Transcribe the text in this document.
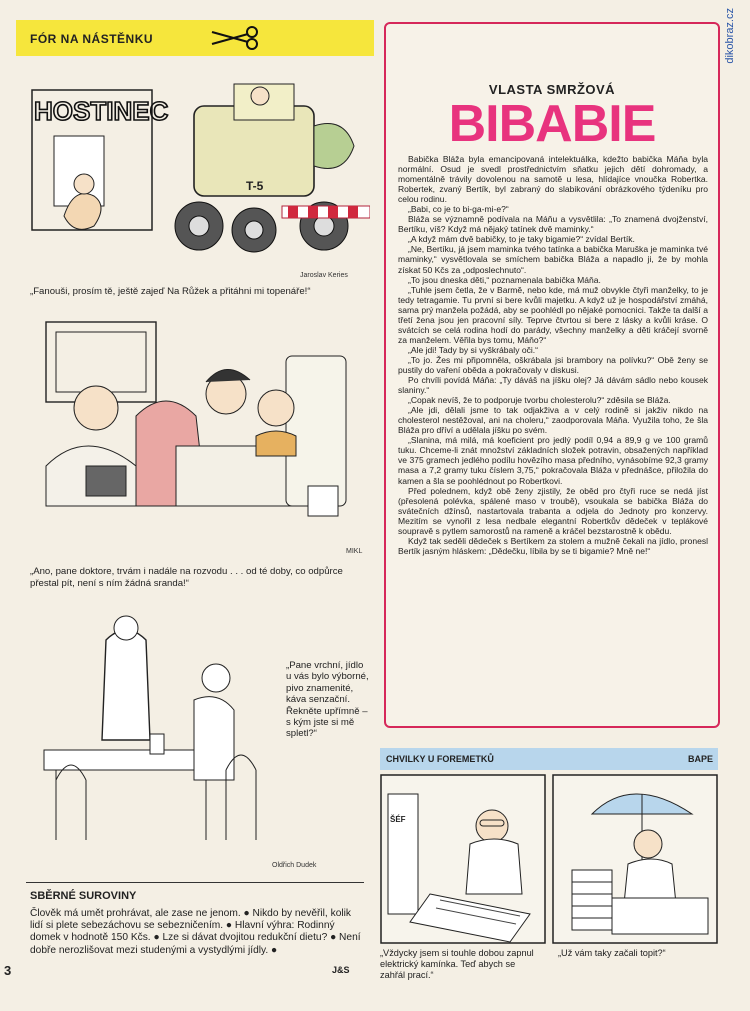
dikobraz.cz
FÓR NA NÁSTĚNKU
HOSTINEC
T-5
Jaroslav Keries
„Fanouši, prosím tě, ještě zajeď Na Růžek a přitáhni mi topenáře!“
MIKL
„Ano, pane doktore, trvám i nadále na rozvodu . . . od té doby, co odpůrce přestal pít, není s ním žádná sranda!“
„Pane vrchní, jídlo u vás bylo výborné, pivo znamenité, káva senzační. Řekněte upřímně – s kým jste si mě spletl?“
Oldřich Dudek
SBĚRNÉ SUROVINY
Člověk má umět prohrávat, ale zase ne jenom. ● Nikdo by nevěřil, kolik lidí si plete sebezáchovu se sebezničením. ● Hlavní výhra: Rodinný domek v hodnotě 150 Kčs. ● Lze si dávat dvojitou redukční dietu? ● Není dobře nerozlišovat mezi studenými a vystydlými jídly. ●
3	J&S
VLASTA SMRŽOVÁ
BIBABIE

Babička Bláža byla emancipovaná intelektuálka, kdežto babička Máňa byla normální. Osud je svedl prostřednictvím sňatku jejich dětí dohromady, a momentálně trávily dovolenou na samotě u lesa, hlídajíce vnoučka Robertka. Robertek, zvaný Bertík, byl zabraný do slabikování obrázkového týdeníku pro celou rodinu.

„Babi, co je to bi-ga-mi-e?“

Bláža se významně podívala na Máňu a vysvětlila: „To znamená dvojženství, Bertíku, víš? Když má nějaký tatínek dvě maminky.“

„A když mám dvě babičky, to je taky bigamie?“ zvídal Bertík.

„Ne, Bertíku, já jsem maminka tvého tatínka a babička Maruška je maminka tvé maminky,“ vysvětlovala se smíchem babička Bláža a napadlo ji, že by mohla získat 50 Kčs za „odposlechnuto“.

„To jsou dneska děti,“ poznamenala babička Máňa.

„Tuhle jsem četla, že v Barmě, nebo kde, má muž obvykle čtyři manželky, to je tedy tetragamie. Tu první si bere kvůli majetku. A když už je hospodářství zmáhá, sama prý manžela požádá, aby se poohlédl po nějaké pomocnici. Takže ta další a třetí žena jsou jen pracovní síly. Teprve čtvrtou si bere z lásky a kvůli kráse. O svátcích se celá rodina hodí do parády, všechny manželky a děti kráčejí svorně za manželem. Věřila bys tomu, Máňo?“

„Ale jdi! Tady by si vyškrábaly oči.“

„To jo. Žes mi připomněla, oškrábala jsi brambory na polívku?“ Obě ženy se pustily do vaření oběda a pokračovaly v diskusi.

Po chvíli povídá Máňa: „Ty dáváš na jíšku olej? Já dávám sádlo nebo kousek slaniny.“

„Copak nevíš, že to podporuje tvorbu cholesterolu?“ zděsila se Bláža.

„Ale jdi, dělali jsme to tak odjakživa a v celý rodině si jakživ nikdo na cholesterol nestěžoval, ani na choleru,“ zaodporovala Máňa. Využila toho, že šla Bláža pro dříví a udělala jíšku po svém.

„Slanina, má milá, má koeficient pro jedlý podíl 0,94 a 89,9 g ve 100 gramů tuku. Chceme-li znát množství základních složek potravin, obsažených například ve 375 gramech jedlého podílu hovězího masa předního, vynásobíme 92,3 gramy masa a 7,2 gramy tuku číslem 3,75,“ pokračovala Bláža v přednášce, přiložila do kamen a šla se poohlédnout po Robertkovi.

Před polednem, když obě ženy zjistily, že oběd pro čtyři ruce se nedá jíst (přesolená polévka, spálené maso v troubě), vsoukala se babička Bláža do svátečních džínsů, nastartovala trabanta a odjela do Jednoty pro konzervy. Mezitím se vynořil z lesa nedbale elegantní Robertkův dědeček v teplákové soupravě s pytlem samorostů na rameně a kráčel bezstarostně k obědu.

Když tak seděli dědeček s Bertíkem za stolem a mužně čekali na jídlo, pronesl Bertík jasným hláskem: „Dědečku, líbila by se ti bigamie? Mně ne!“

CHVILKY U FOREMETKŮ	BAPE
ŠÉF
„Vždycky jsem si touhle dobou zapnul elektrický kamínka. Teď abych se zahřál prací.“
„Už vám taky začali topit?“
